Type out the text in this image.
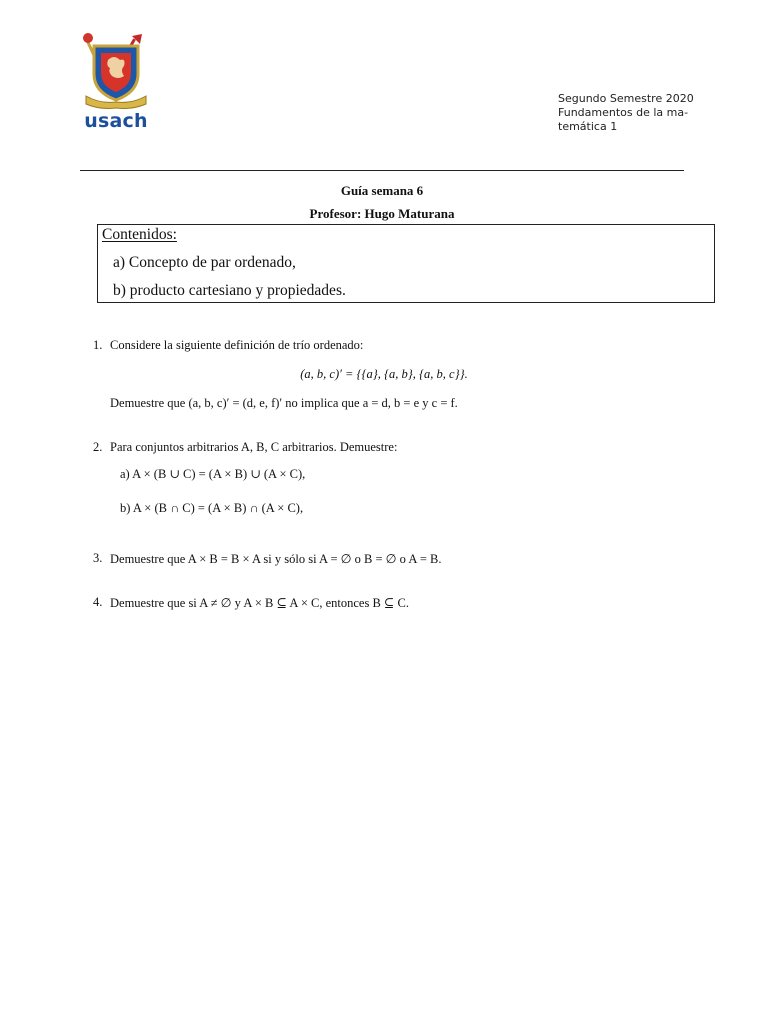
usach
Segundo Semestre 2020
Fundamentos de la ma-
temática 1
Guía semana 6
Profesor: Hugo Maturana
Contenidos:
a) Concepto de par ordenado,
b) producto cartesiano y propiedades.
1. Considere la siguiente definición de trío ordenado:
(a, b, c)′ = {{a}, {a, b}, {a, b, c}}.
Demuestre que (a, b, c)′ = (d, e, f)′ no implica que a = d, b = e y c = f.
2. Para conjuntos arbitrarios A, B, C arbitrarios. Demuestre:
a) A × (B ∪ C) = (A × B) ∪ (A × C),
b) A × (B ∩ C) = (A × B) ∩ (A × C),
3. Demuestre que A × B = B × A si y sólo si A = ∅ o B = ∅ o A = B.
4. Demuestre que si A ≠ ∅ y A × B ⊆ A × C, entonces B ⊆ C.
